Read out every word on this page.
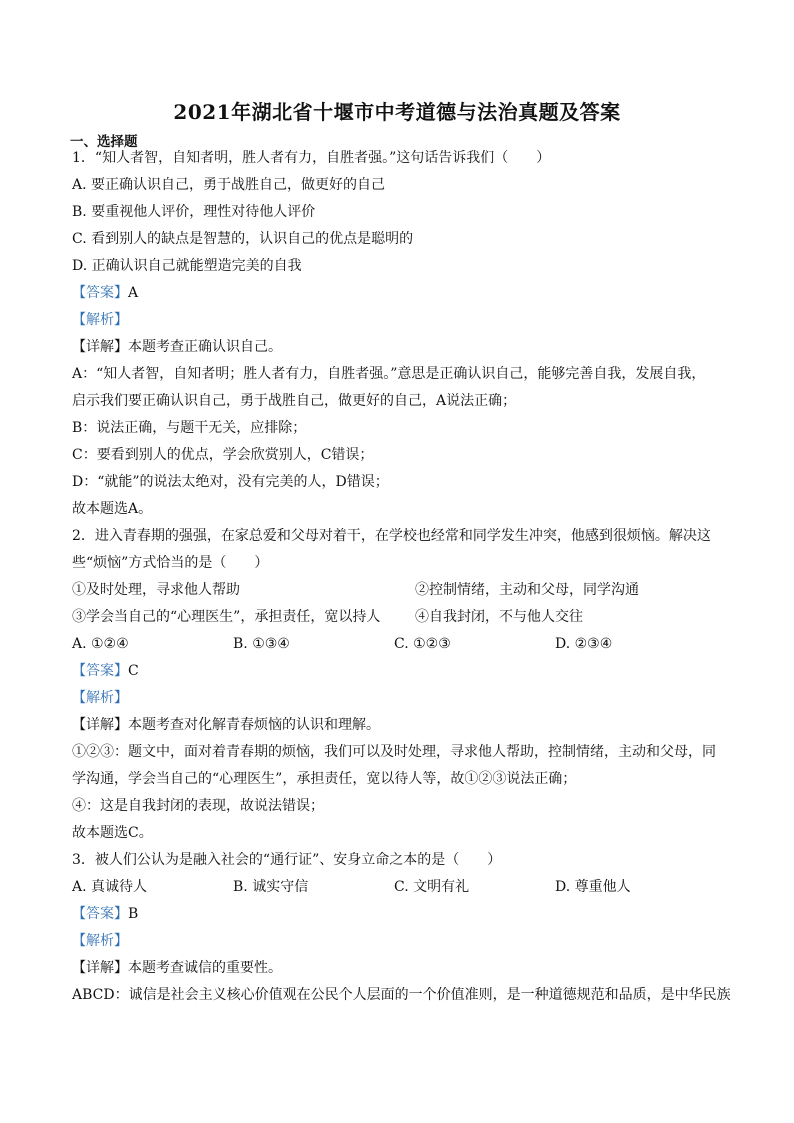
2021年湖北省十堰市中考道德与法治真题及答案
一、选择题
1．“知人者智，自知者明，胜人者有力，自胜者强。”这句话告诉我们（　　）
A. 要正确认识自己，勇于战胜自己，做更好的自己
B. 要重视他人评价，理性对待他人评价
C. 看到别人的缺点是智慧的，认识自己的优点是聪明的
D. 正确认识自己就能塑造完美的自我
【答案】A
【解析】
【详解】本题考查正确认识自己。
A：“知人者智，自知者明；胜人者有力，自胜者强。”意思是正确认识自己，能够完善自我，发展自我，
启示我们要正确认识自己，勇于战胜自己，做更好的自己，A说法正确；
B：说法正确，与题干无关，应排除；
C：要看到别人的优点，学会欣赏别人，C错误；
D：“就能”的说法太绝对，没有完美的人，D错误；
故本题选A。
2．进入青春期的强强，在家总爱和父母对着干，在学校也经常和同学发生冲突，他感到很烦恼。解决这
些“烦恼”方式恰当的是（　　）
①及时处理，寻求他人帮助	②控制情绪，主动和父母，同学沟通
③学会当自己的“心理医生”，承担责任，宽以持人	④自我封闭，不与他人交往
A. ①②④	B. ①③④	C. ①②③	D. ②③④
【答案】C
【解析】
【详解】本题考查对化解青春烦恼的认识和理解。
①②③：题文中，面对着青春期的烦恼，我们可以及时处理，寻求他人帮助，控制情绪，主动和父母，同
学沟通，学会当自己的“心理医生”，承担责任，宽以待人等，故①②③说法正确；
④：这是自我封闭的表现，故说法错误；
故本题选C。
3．被人们公认为是融入社会的“通行证”、安身立命之本的是（　　）
A. 真诚待人	B. 诚实守信	C. 文明有礼	D. 尊重他人
【答案】B
【解析】
【详解】本题考查诚信的重要性。
ABCD：诚信是社会主义核心价值观在公民个人层面的一个价值准则，是一种道德规范和品质，是中华民族
